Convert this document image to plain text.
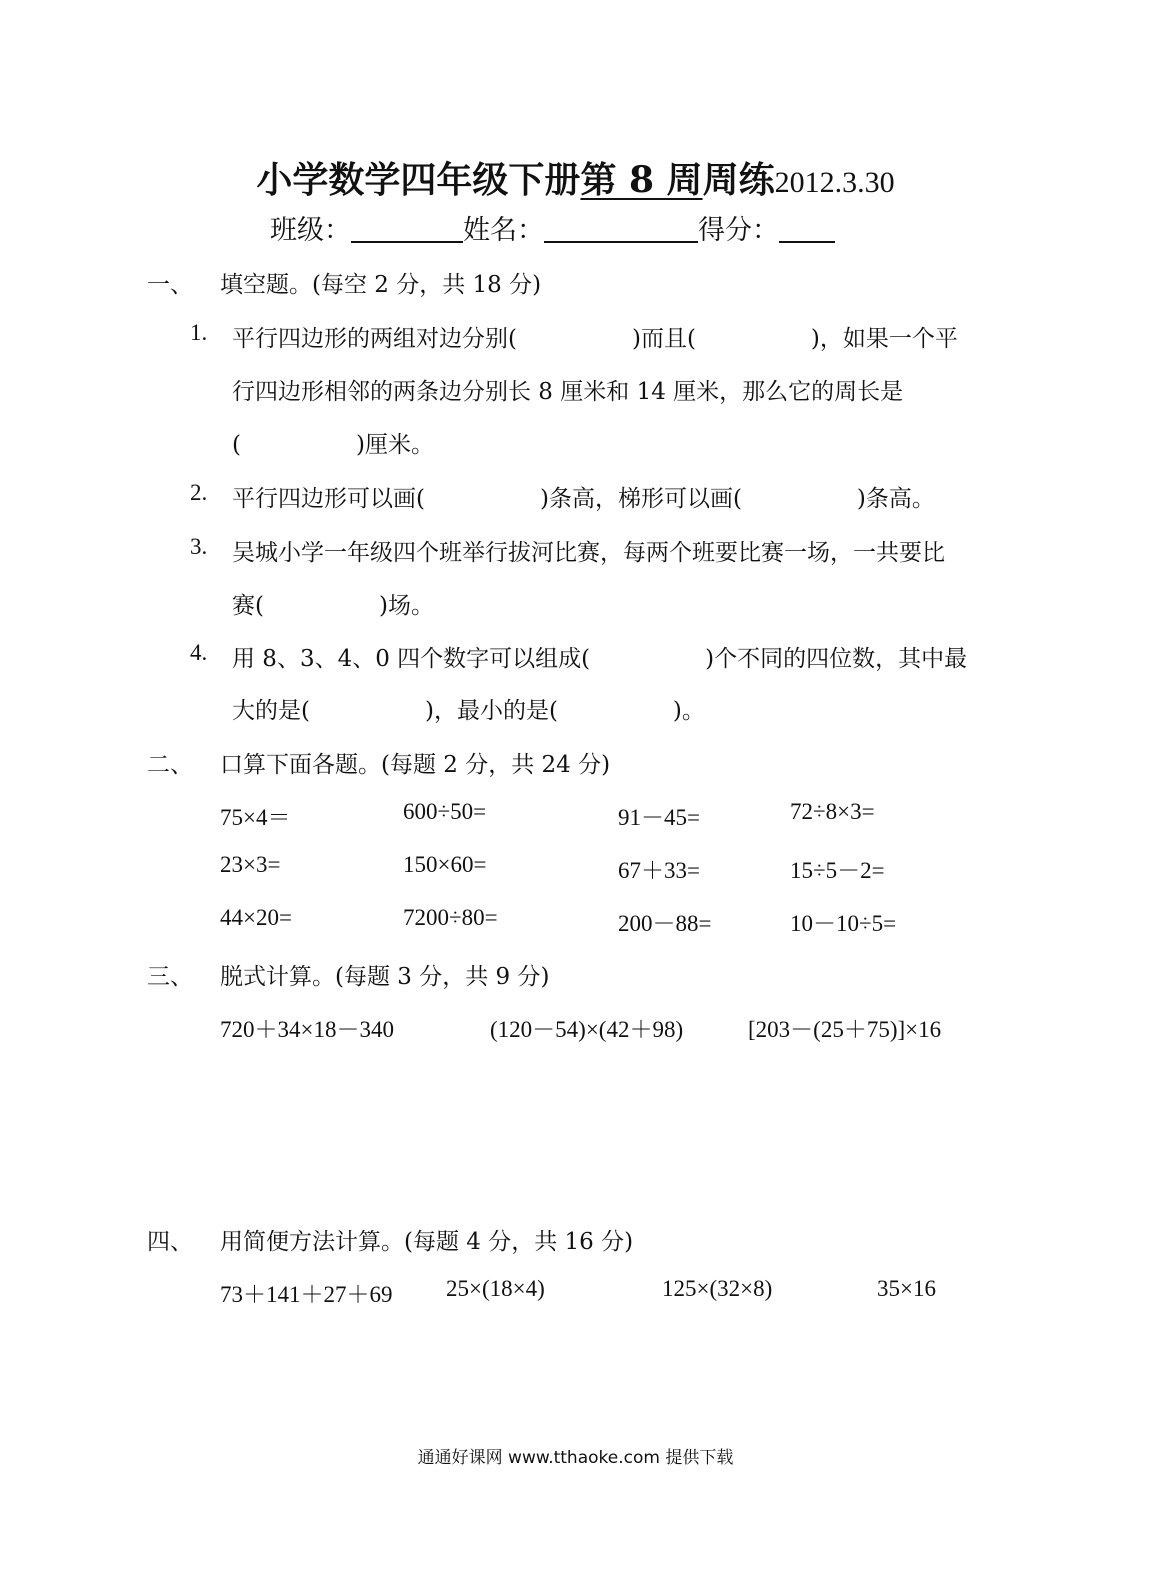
小学数学四年级下册第 8 周周练2012.3.30
班级：	姓名：	得分：
一、 填空题。(每空 2 分，共 18 分)
1. 平行四边形的两组对边分别(　　　　　)而且(　　　　　)，如果一个平
行四边形相邻的两条边分别长 8 厘米和 14 厘米，那么它的周长是
(　　　　　)厘米。
2. 平行四边形可以画(　　　　　)条高，梯形可以画(　　　　　)条高。
3. 吴城小学一年级四个班举行拔河比赛，每两个班要比赛一场，一共要比
赛(　　　　　)场。
4. 用 8、3、4、0 四个数字可以组成(　　　　　)个不同的四位数，其中最
大的是(　　　　　)，最小的是(　　　　　)。
二、 口算下面各题。(每题 2 分，共 24 分)
75×4＝	600÷50=	91－45=	72÷8×3=
23×3=	150×60=	67＋33=	15÷5－2=
44×20=	7200÷80=	200－88=	10－10÷5=
三、 脱式计算。(每题 3 分，共 9 分)
720＋34×18－340	(120－54)×(42＋98)	[203－(25＋75)]×16
四、 用简便方法计算。(每题 4 分，共 16 分)
73＋141＋27＋69 25×(18×4)	125×(32×8)	35×16
通通好课网 www.tthaoke.com 提供下载
